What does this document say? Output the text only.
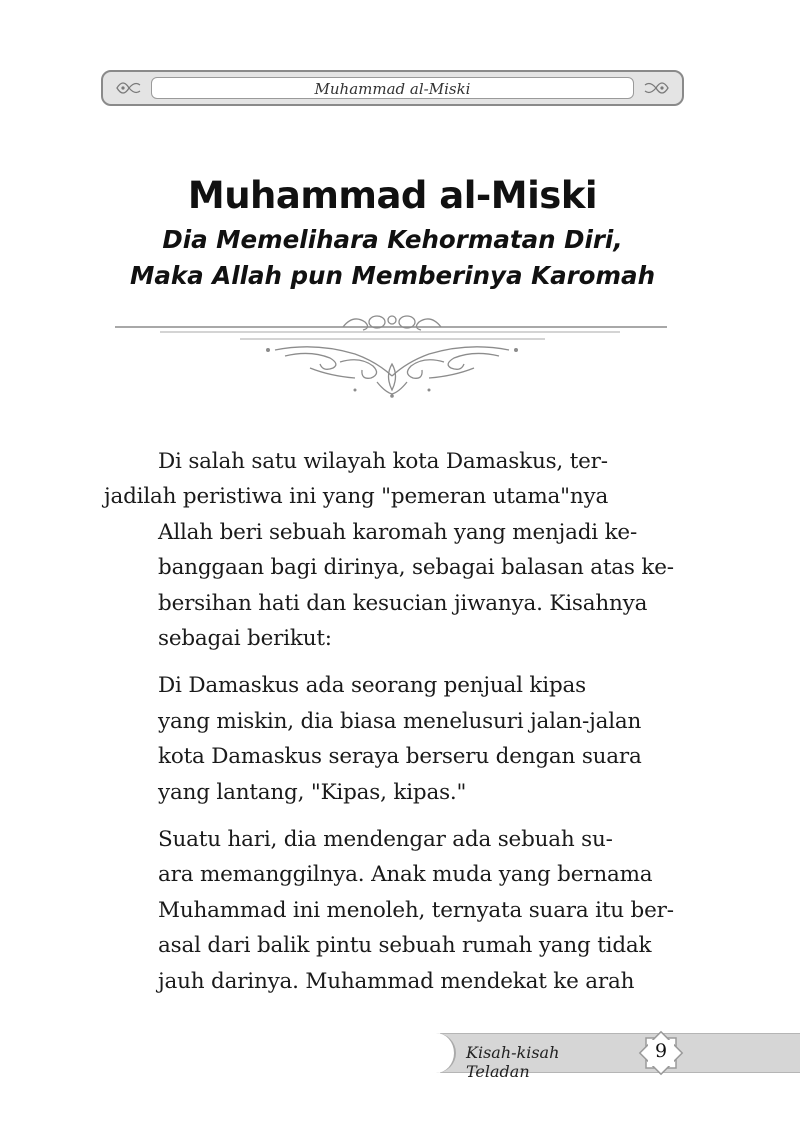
Muhammad al-Miski
Muhammad al-Miski
Dia Memelihara Kehormatan Diri,
Maka Allah pun Memberinya Karomah

Di salah satu wilayah kota Damaskus, ter-
jadilah peristiwa ini yang "pemeran utama"nya
Allah beri sebuah karomah yang menjadi ke-
banggaan bagi dirinya, sebagai balasan atas ke-
bersihan hati dan kesucian jiwanya. Kisahnya
sebagai berikut:

Di Damaskus ada seorang penjual kipas
yang miskin, dia biasa menelusuri jalan-jalan
kota Damaskus seraya berseru dengan suara
yang lantang, "Kipas, kipas."

Suatu hari, dia mendengar ada sebuah su-
ara memanggilnya. Anak muda yang bernama
Muhammad ini menoleh, ternyata suara itu ber-
asal dari balik pintu sebuah rumah yang tidak
jauh darinya. Muhammad mendekat ke arah

Kisah-kisah Teladan
9
